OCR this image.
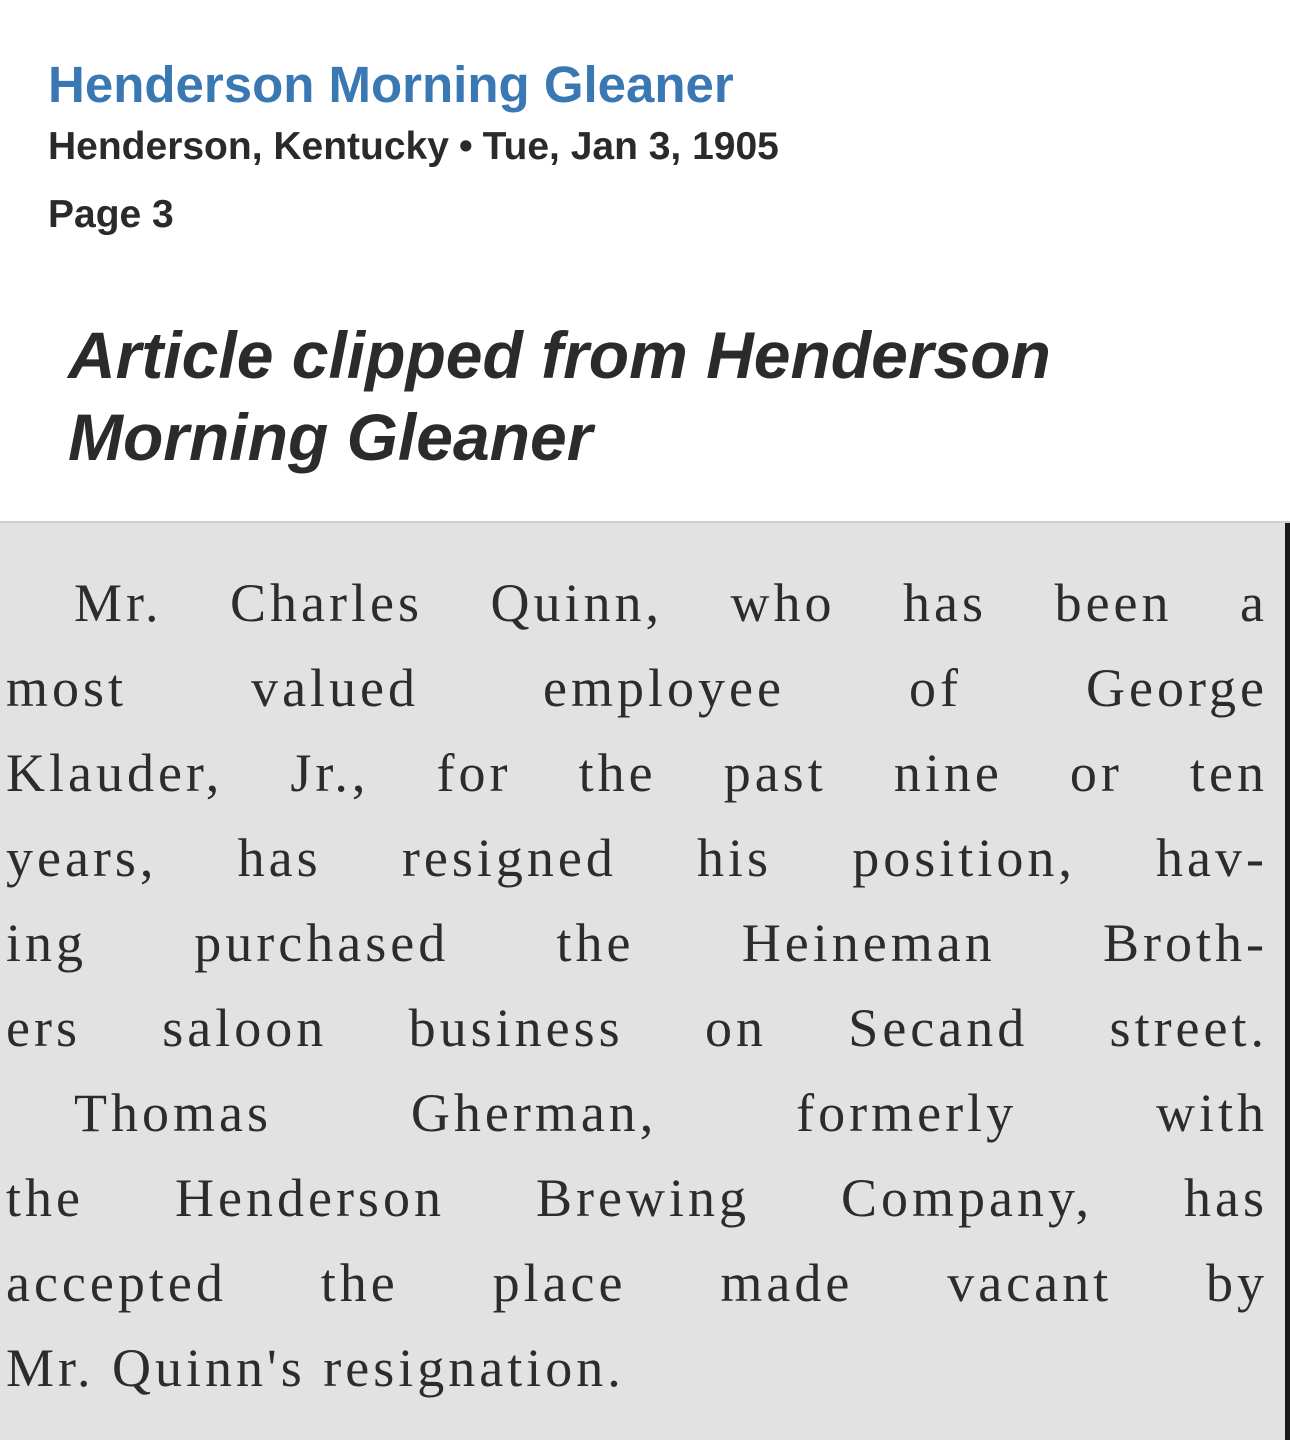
Henderson Morning Gleaner
Henderson, Kentucky • Tue, Jan 3, 1905
Page 3
Article clipped from Henderson Morning Gleaner
Mr. Charles Quinn, who has been a
most valued employee of George
Klauder, Jr., for the past nine or ten
years, has resigned his position, hav-
ing purchased the Heineman Broth-
ers saloon business on Secand street.
Thomas Gherman, formerly with
the Henderson Brewing Company, has
accepted the place made vacant by
Mr. Quinn's resignation.
